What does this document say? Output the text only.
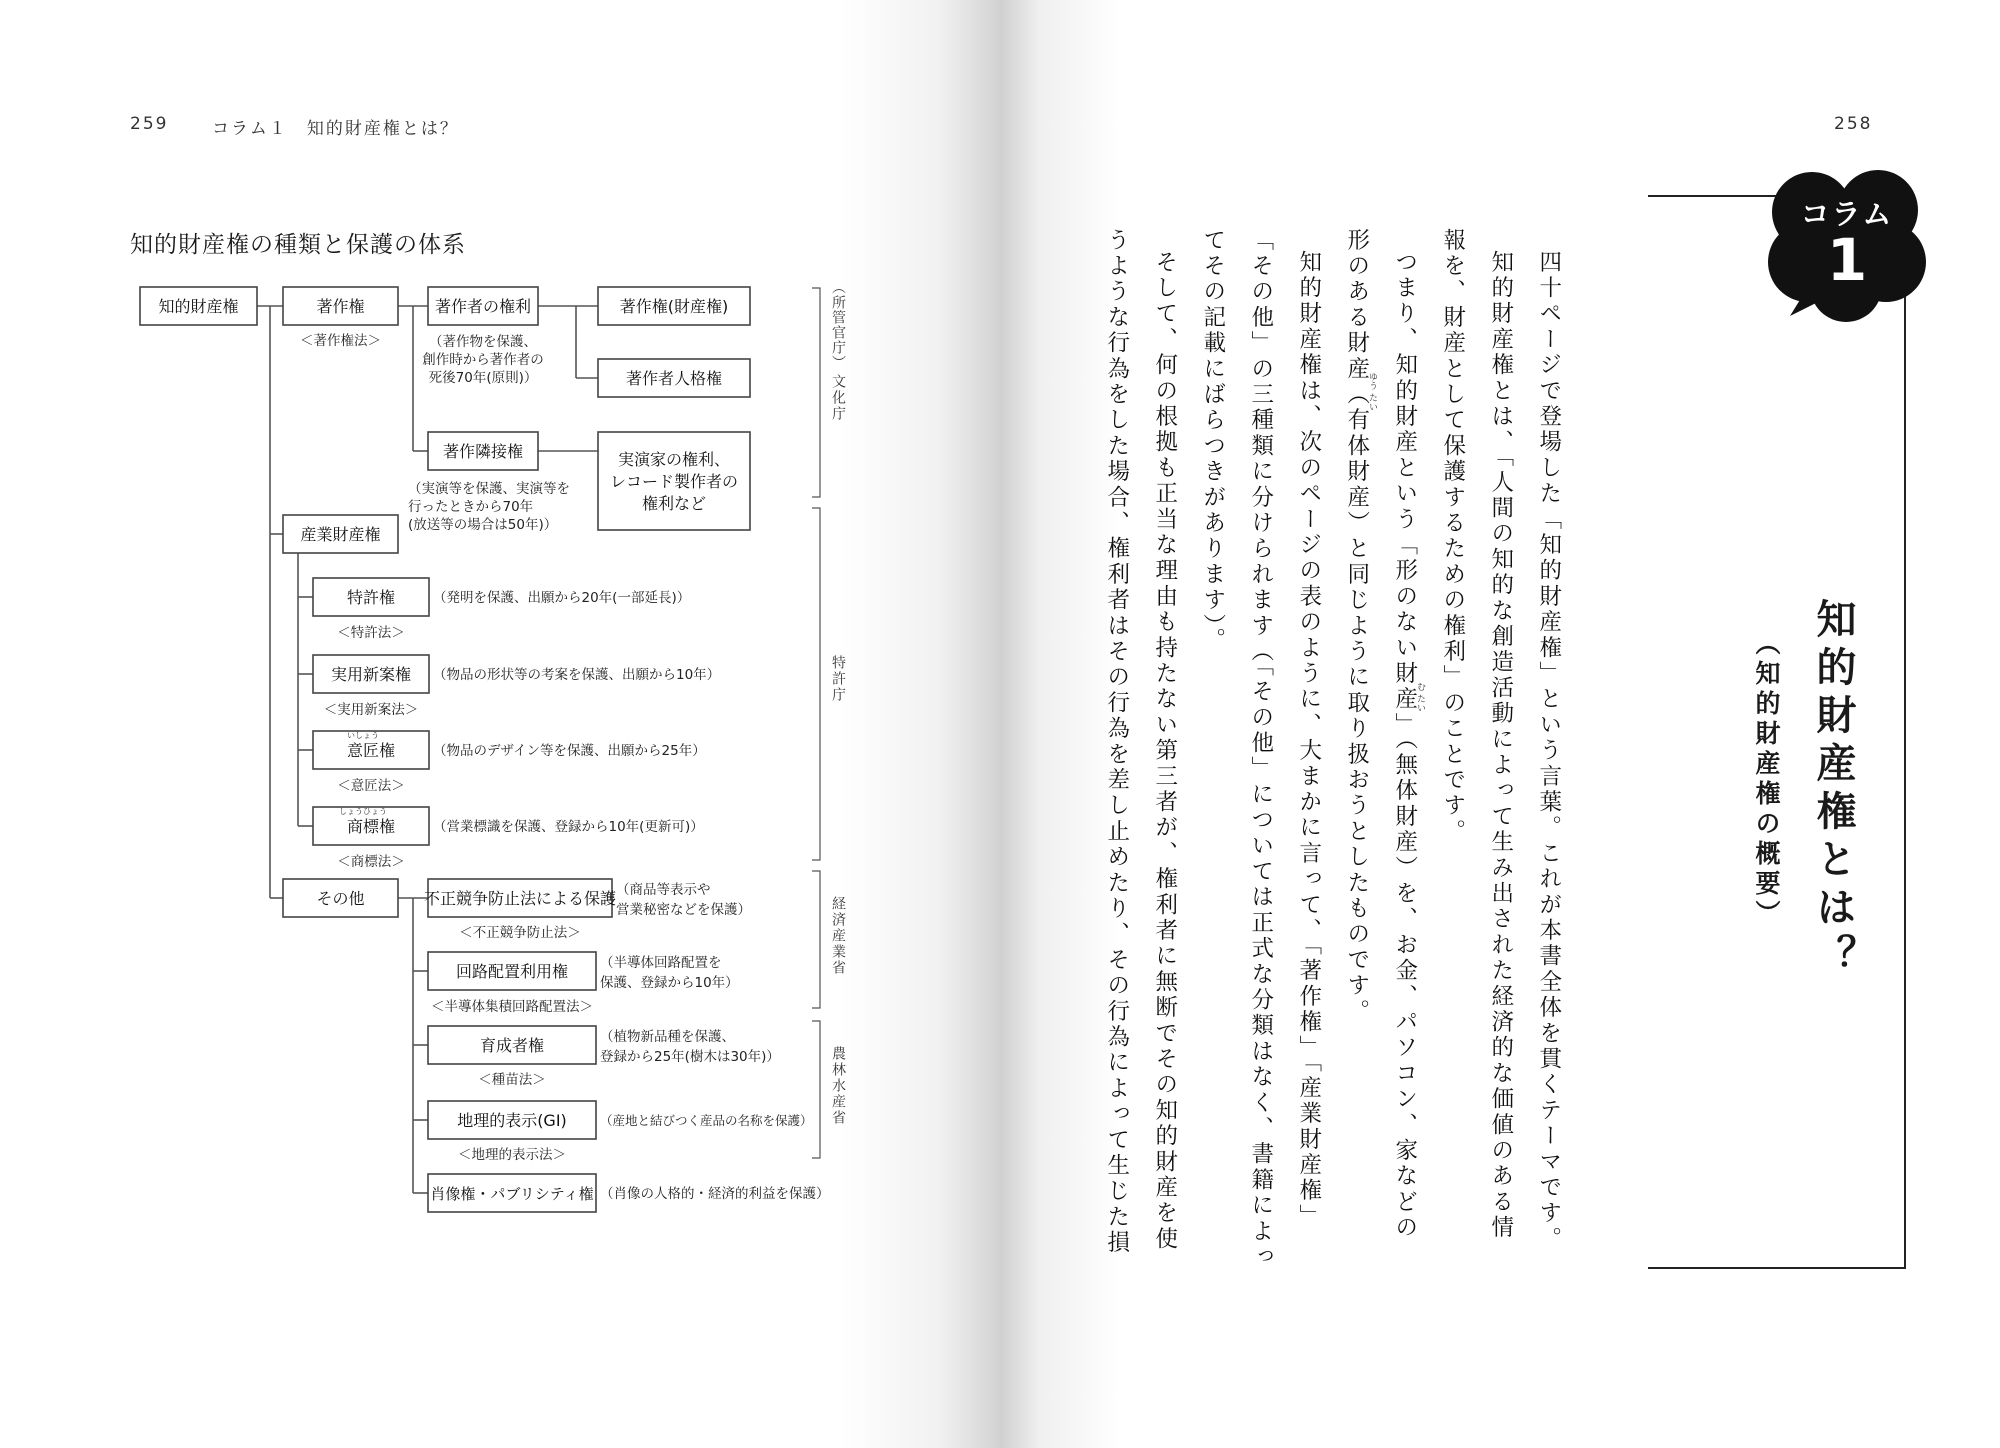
259	コラム１　知的財産権とは？
知的財産権の種類と保護の体系
知的財産権	著作権
＜著作権法＞
著作者の権利
（著作物を保護、
創作時から著作者の
死後70年(原則)）
著作権(財産権)
著作者人格権
著作隣接権
（実演等を保護、実演等を
行ったときから70年
(放送等の場合は50年)）
実演家の権利、
レコード製作者の
権利など
産業財産権
特許権	（発明を保護、出願から20年(一部延長)）
＜特許法＞
実用新案権 （物品の形状等の考案を保護、出願から10年）
＜実用新案法＞
いしょう
意匠権	（物品のデザイン等を保護、出願から25年）
＜意匠法＞
しょうひょう
商標権	（営業標識を保護、登録から10年(更新可)）
＜商標法＞
その他	不正競争防止法による保護 （商品等表示や
営業秘密などを保護）
＜不正競争防止法＞
回路配置利用権 （半導体回路配置を
保護、登録から10年）
＜半導体集積回路配置法＞
育成者権	（植物新品種を保護、
登録から25年(樹木は30年)）
＜種苗法＞
地理的表示(GI)	（産地と結びつく産品の名称を保護）
＜地理的表示法＞
肖像権・パブリシティ権 （肖像の人格的・経済的利益を保護）
（所管官庁）
文化庁
特許庁
経済産業省
農林水産省
258
コラム
1
知的財産権とは？
（知的財産権の概要）
四十ページで登場した「知的財産権」という言葉。これが本書全体を貫くテーマです。
知的財産権とは、「人間の知的な創造活動によって生み出された経済的な価値のある情
報を、財産として保護するための権利」のことです。
つまり、知的財産という「形のない財産」（無体財産）を、お金、パソコン、家などの
形のある財産（有体財産）と同じように取り扱おうとしたものです。
知的財産権は、次のページの表のように、大まかに言って、「著作権」「産業財産権」
「その他」の三種類に分けられます（「その他」については正式な分類はなく、書籍によっ
てその記載にばらつきがあります）。
そして、何の根拠も正当な理由も持たない第三者が、権利者に無断でその知的財産を使
うような行為をした場合、権利者はその行為を差し止めたり、その行為によって生じた損	む たい
ゆう たい
